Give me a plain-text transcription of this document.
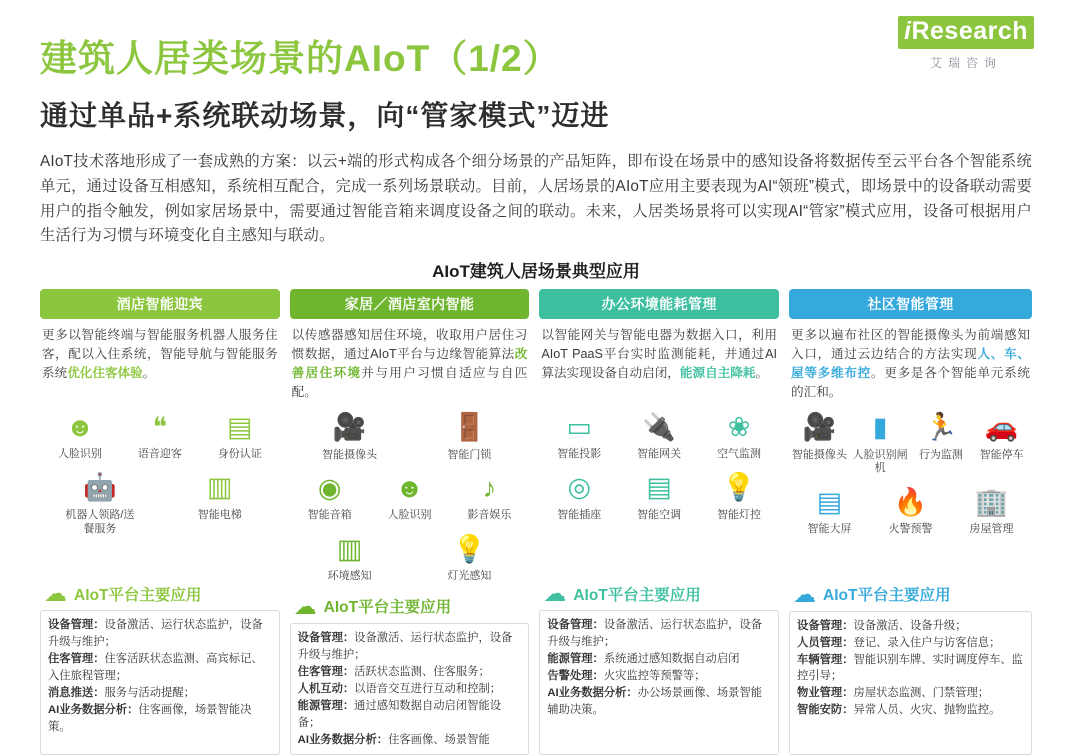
iResearch
艾瑞咨询
建筑人居类场景的AIoT（1/2）
通过单品+系统联动场景，向“管家模式”迈进

AIoT技术落地形成了一套成熟的方案：以云+端的形式构成各个细分场景的产品矩阵，即布设在场景中的感知设备将数据传至云平台各个智能系统单元，通过设备互相感知，系统相互配合，完成一系列场景联动。目前，人居场景的AIoT应用主要表现为AI“领班”模式，即场景中的设备联动需要用户的指令触发，例如家居场景中，需要通过智能音箱来调度设备之间的联动。未来，人居类场景将可以实现AI“管家”模式应用，设备可根据用户生活行为习惯与环境变化自主感知与联动。

AIoT建筑人居场景典型应用
酒店智能迎宾
更多以智能终端与智能服务机器人服务住客，配以入住系统，智能导航与智能服务系统优化住客体验。
☻
人脸识别
❝
语音迎客
▤
身份认证
🤖
机器人领路/送餐服务
▥
智能电梯
☁ AIoT平台主要应用
设备管理：设备激活、运行状态监护，设备升级与维护；
住客管理：住客活跃状态监测、高宾标记、入住旅程管理；
消息推送：服务与活动提醒；
AI业务数据分析：住客画像，场景智能决策。
家居／酒店室内智能
以传感器感知居住环境，收取用户居住习惯数据，通过AIoT平台与边缘智能算法改善居住环境并与用户习惯自适应与自匹配。
🎥
智能摄像头
🚪
智能门锁
◉
智能音箱
☻
人脸识别
♪
影音娱乐
▥
环境感知
💡
灯光感知
☁ AIoT平台主要应用
设备管理：设备激活、运行状态监护，设备升级与维护；
住客管理：活跃状态监测、住客服务；
人机互动：以语音交互进行互动和控制；
能源管理：通过感知数据自动启闭智能设备；
AI业务数据分析：住客画像、场景智能
办公环境能耗管理
以智能网关与智能电器为数据入口，利用AIoT PaaS平台实时监测能耗，并通过AI算法实现设备自动启闭，能源自主降耗。
▭
智能投影
🔌
智能网关
❀
空气监测
◎
智能插座
▤
智能空调
💡
智能灯控
☁ AIoT平台主要应用
设备管理：设备激活、运行状态监护，设备升级与维护；
能源管理：系统通过感知数据自动启闭
告警处理：火灾监控等预警等；
AI业务数据分析：办公场景画像、场景智能辅助决策。
社区智能管理
更多以遍布社区的智能摄像头为前端感知入口，通过云边结合的方法实现人、车、屋等多维布控。更多是各个智能单元系统的汇和。
🎥
智能摄像头
▮
人脸识别闸机
🏃
行为监测
🚗
智能停车
▤
智能大屏
🔥
火警预警
🏢
房屋管理
☁ AIoT平台主要应用
设备管理：设备激活、设备升级；
人员管理：登记、录入住户与访客信息；
车辆管理：智能识别车牌、实时调度停车、监控引导；
物业管理：房屋状态监测、门禁管理；
智能安防：异常人员、火灾、抛物监控。
